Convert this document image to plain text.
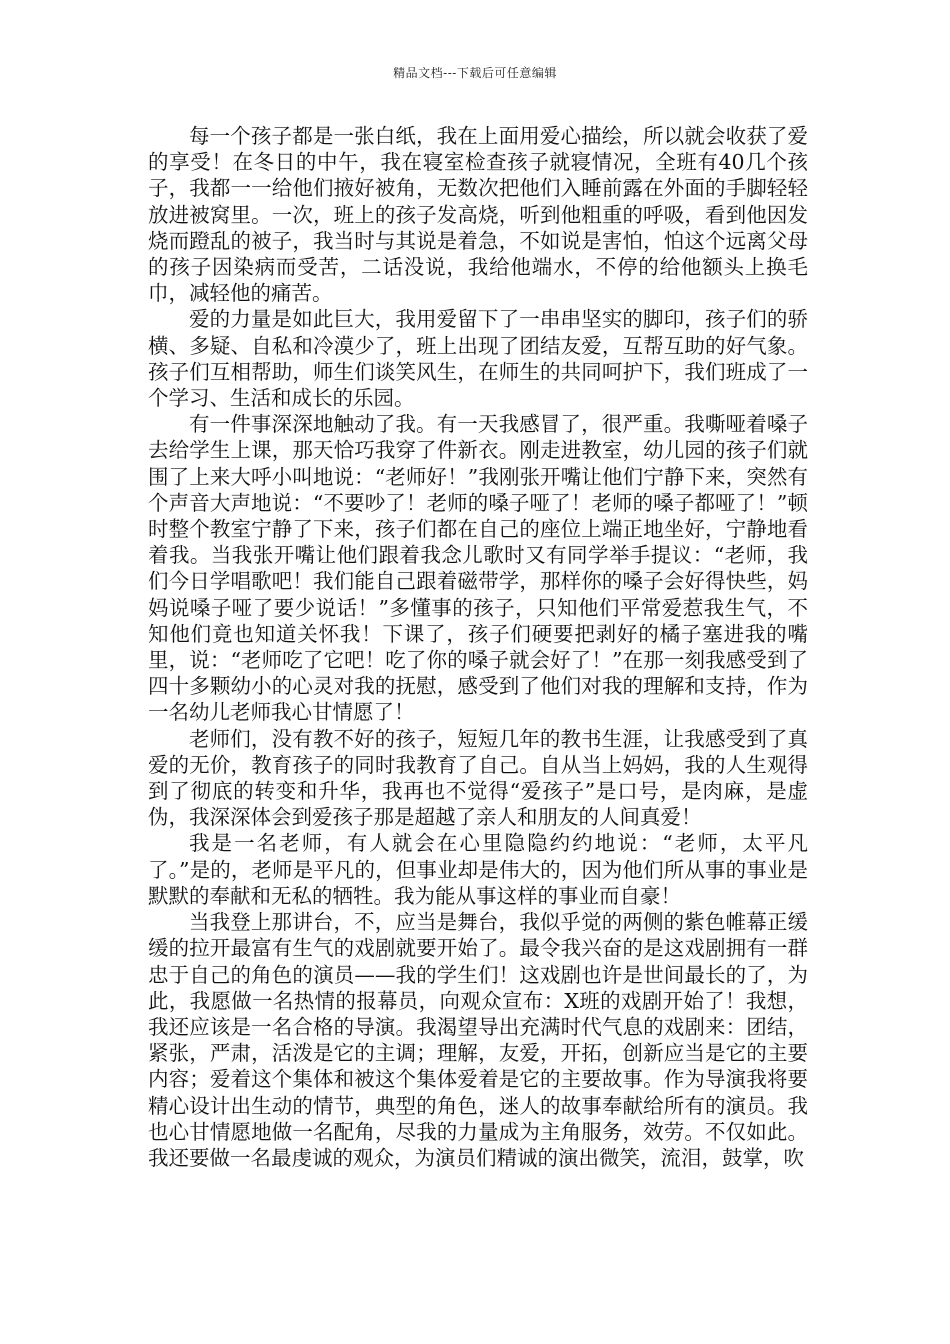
精品文档---下载后可任意编辑

每一个孩子都是一张白纸，我在上面用爱心描绘，所以就会收获了爱的享受！在冬日的中午，我在寝室检查孩子就寝情况，全班有40几个孩子，我都一一给他们掖好被角，无数次把他们入睡前露在外面的手脚轻轻放进被窝里。一次，班上的孩子发高烧，听到他粗重的呼吸，看到他因发烧而蹬乱的被子，我当时与其说是着急，不如说是害怕，怕这个远离父母的孩子因染病而受苦，二话没说，我给他端水，不停的给他额头上换毛巾，减轻他的痛苦。

爱的力量是如此巨大，我用爱留下了一串串坚实的脚印，孩子们的骄横、多疑、自私和冷漠少了，班上出现了团结友爱，互帮互助的好气象。孩子们互相帮助，师生们谈笑风生，在师生的共同呵护下，我们班成了一个学习、生活和成长的乐园。

有一件事深深地触动了我。有一天我感冒了，很严重。我嘶哑着嗓子去给学生上课，那天恰巧我穿了件新衣。刚走进教室，幼儿园的孩子们就围了上来大呼小叫地说：“老师好！”我刚张开嘴让他们宁静下来，突然有个声音大声地说：“不要吵了！老师的嗓子哑了！老师的嗓子都哑了！”顿时整个教室宁静了下来，孩子们都在自己的座位上端正地坐好，宁静地看着我。当我张开嘴让他们跟着我念儿歌时又有同学举手提议：“老师，我们今日学唱歌吧！我们能自己跟着磁带学，那样你的嗓子会好得快些，妈妈说嗓子哑了要少说话！”多懂事的孩子，只知他们平常爱惹我生气，不知他们竟也知道关怀我！下课了，孩子们硬要把剥好的橘子塞进我的嘴里，说：“老师吃了它吧！吃了你的嗓子就会好了！”在那一刻我感受到了四十多颗幼小的心灵对我的抚慰，感受到了他们对我的理解和支持，作为一名幼儿老师我心甘情愿了！

老师们，没有教不好的孩子，短短几年的教书生涯，让我感受到了真爱的无价，教育孩子的同时我教育了自己。自从当上妈妈，我的人生观得到了彻底的转变和升华，我再也不觉得“爱孩子”是口号，是肉麻，是虚伪，我深深体会到爱孩子那是超越了亲人和朋友的人间真爱！

我是一名老师，有人就会在心里隐隐约约地说：“老师，太平凡了。”是的，老师是平凡的，但事业却是伟大的，因为他们所从事的事业是默默的奉献和无私的牺牲。我为能从事这样的事业而自豪！

当我登上那讲台，不，应当是舞台，我似乎觉的两侧的紫色帷幕正缓缓的拉开最富有生气的戏剧就要开始了。最令我兴奋的是这戏剧拥有一群忠于自己的角色的演员——我的学生们！这戏剧也许是世间最长的了，为此，我愿做一名热情的报幕员，向观众宣布：X班的戏剧开始了！我想，我还应该是一名合格的导演。我渴望导出充满时代气息的戏剧来：团结，紧张，严肃，活泼是它的主调；理解，友爱，开拓，创新应当是它的主要内容；爱着这个集体和被这个集体爱着是它的主要故事。作为导演我将要精心设计出生动的情节，典型的角色，迷人的故事奉献给所有的演员。我也心甘情愿地做一名配角，尽我的力量成为主角服务，效劳。不仅如此。我还要做一名最虔诚的观众，为演员们精诚的演出微笑，流泪，鼓掌，吹
